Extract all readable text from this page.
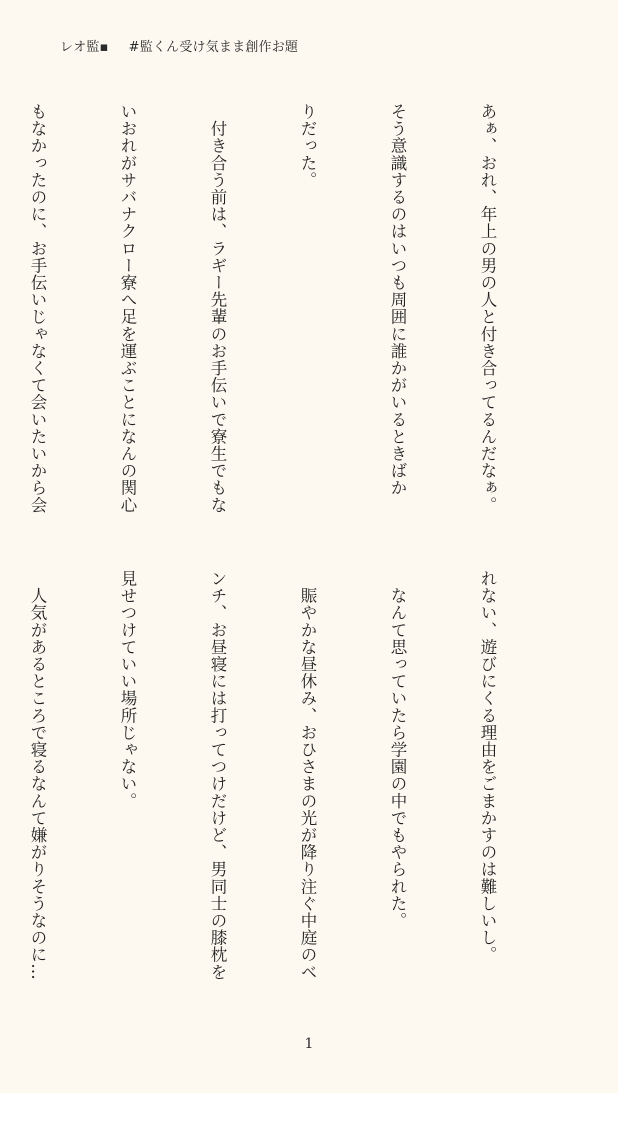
レオ監▪ #監くん受け気まま創作お題

あぁ、おれ、年上の男の人と付き合ってるんだなぁ。

そう意識するのはいつも周囲に誰かがいるときばか

りだった。

　付き合う前は、ラギー先輩のお手伝いで寮生でもな

いおれがサバナクロー寮へ足を運ぶことになんの関心

もなかったのに、お手伝いじゃなくて会いたいから会

れない、遊びにくる理由をごまかすのは難しいし。

　なんて思っていたら学園の中でもやられた。

　賑やかな昼休み、おひさまの光が降り注ぐ中庭のベ

ンチ、お昼寝には打ってつけだけど、男同士の膝枕を

見せつけていい場所じゃない。

　人気があるところで寝るなんて嫌がりそうなのに…

1
